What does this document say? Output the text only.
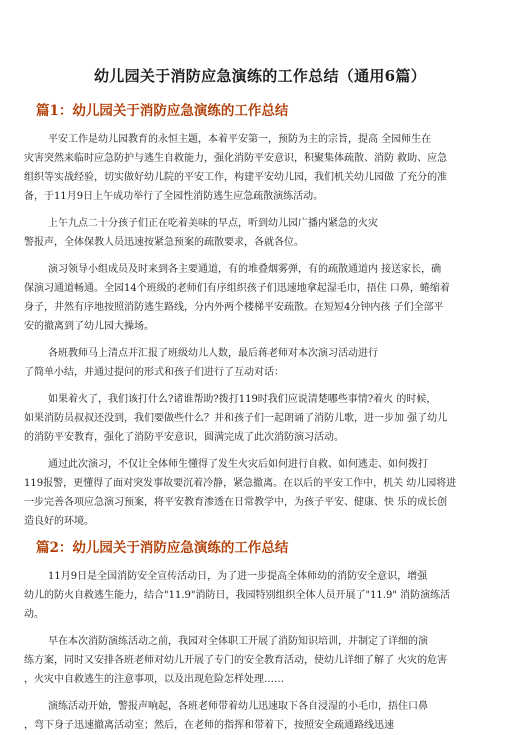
幼儿园关于消防应急演练的工作总结（通用6篇）
篇1：幼儿园关于消防应急演练的工作总结
平安工作是幼儿园教育的永恒主题，本着平安第一，预防为主的宗旨，提高 全园师生在
灾害突然来临时应急防护与逃生自救能力，强化消防平安意识，积聚集体疏散、消防 救助、应急
组织等实战经验，切实做好幼儿院的平安工作，构建平安幼儿园，我们机关幼儿园做 了充分的准
备，于11月9日上午成功举行了全园性消防逃生应急疏散演练活动。
上午九点二十分孩子们正在吃着美味的早点，听到幼儿园广播内紧急的火灾
警报声，全体保教人员迅速按紧急预案的疏散要求，各就各位。
演习领导小组成员及时来到各主要通道，有的堆叠烟雾弹，有的疏散通道内 接送家长，确
保演习通道畅通。全园14个班级的老师们有序组织孩子们迅速地拿起湿毛巾，捂住 口鼻，蜷缩着
身子，井然有序地按照消防逃生路线，分内外两个楼梯平安疏散。在短短4分钟内孩 子们全部平
安的撤离到了幼儿园大操场。
各班教师马上清点并汇报了班级幼儿人数，最后蒋老师对本次演习活动进行
了简单小结，并通过提问的形式和孩子们进行了互动对话：
如果着火了，我们该打什么?诸谁帮助?拨打119时我们应说清楚哪些事情?着火 的时候，
如果消防员叔叔还没到，我们要做些什么？并和孩子们一起朗诵了消防儿歌，进一步加 强了幼儿
的消防平安教育，强化了消防平安意识，圆满完成了此次消防演习活动。
通过此次演习，不仅让全体师生懂得了发生火灾后如何进行自救、如何逃走、如何拨打
119报警，更懂得了面对突发事故要沉着冷静，紧急撤离。在以后的平安工作中，机关 幼儿园将进
一步完善各项应急演习预案，将平安教育渗透在日常教学中，为孩子平安、健康、快 乐的成长创
造良好的环境。
篇2：幼儿园关于消防应急演练的工作总结
11月9日是全国消防安全宣传活动日，为了进一步提高全体师幼的消防安全意识，增强
幼儿的防火自救逃生能力，结合"11.9"消防日，我园特别组织全体人员开展了"11.9" 消防演练活
动。
早在本次消防演练活动之前，我园对全体职工开展了消防知识培训，并制定了详细的演
练方案，同时又安排各班老师对幼儿开展了专门的安全教育活动，使幼儿详细了解了 火灾的危害
，火灾中自救逃生的注意事项，以及出现危险怎样处理……
演练活动开始，警报声响起，各班老师带着幼儿迅速取下各自浸湿的小毛巾，捂住口鼻
，弯下身子迅速撤离活动室；然后，在老师的指挥和带着下，按照安全疏通路线迅速
